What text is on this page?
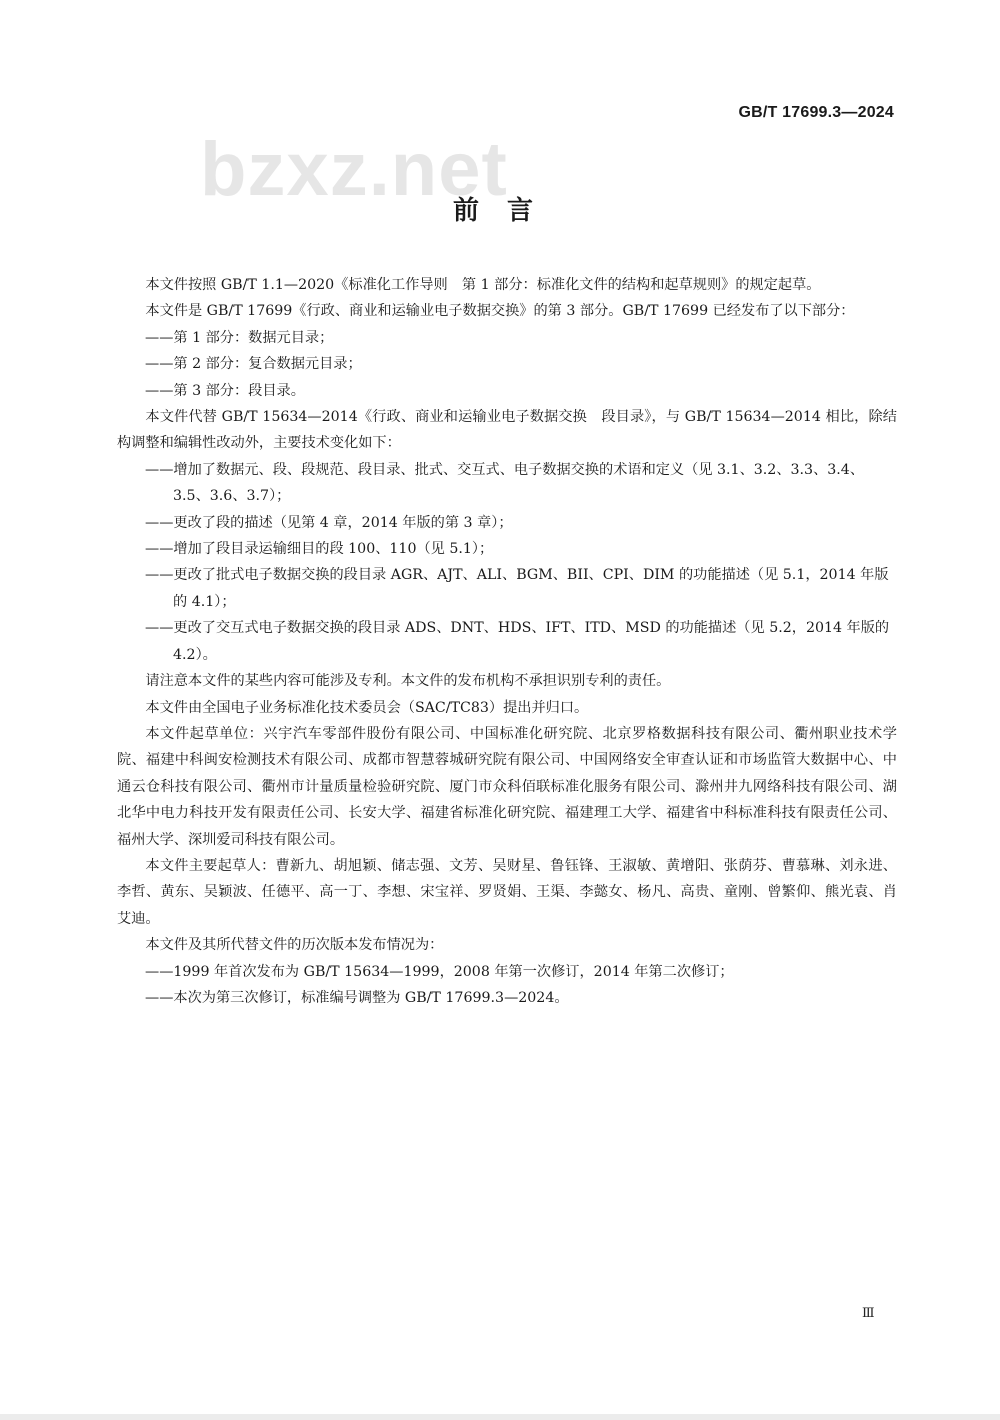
GB/T 17699.3—2024
bzxz.net
前言

本文件按照 GB/T 1.1—2020《标准化工作导则　第 1 部分：标准化文件的结构和起草规则》的规定起草。

本文件是 GB/T 17699《行政、商业和运输业电子数据交换》的第 3 部分。GB/T 17699 已经发布了以下部分：

——第 1 部分：数据元目录；

——第 2 部分：复合数据元目录；

——第 3 部分：段目录。

本文件代替 GB/T 15634—2014《行政、商业和运输业电子数据交换　段目录》，与 GB/T 15634—2014 相比，除结构调整和编辑性改动外，主要技术变化如下：

——增加了数据元、段、段规范、段目录、批式、交互式、电子数据交换的术语和定义（见 3.1、3.2、3.3、3.4、3.5、3.6、3.7）；

——更改了段的描述（见第 4 章，2014 年版的第 3 章）；

——增加了段目录运输细目的段 100、110（见 5.1）；

——更改了批式电子数据交换的段目录 AGR、AJT、ALI、BGM、BII、CPI、DIM 的功能描述（见 5.1，2014 年版的 4.1）；

——更改了交互式电子数据交换的段目录 ADS、DNT、HDS、IFT、ITD、MSD 的功能描述（见 5.2，2014 年版的 4.2）。

请注意本文件的某些内容可能涉及专利。本文件的发布机构不承担识别专利的责任。

本文件由全国电子业务标准化技术委员会（SAC/TC83）提出并归口。

本文件起草单位：兴宇汽车零部件股份有限公司、中国标准化研究院、北京罗格数据科技有限公司、衢州职业技术学院、福建中科闽安检测技术有限公司、成都市智慧蓉城研究院有限公司、中国网络安全审查认证和市场监管大数据中心、中通云仓科技有限公司、衢州市计量质量检验研究院、厦门市众科佰联标准化服务有限公司、滁州井九网络科技有限公司、湖北华中电力科技开发有限责任公司、长安大学、福建省标准化研究院、福建理工大学、福建省中科标准科技有限责任公司、福州大学、深圳爱司科技有限公司。

本文件主要起草人：曹新九、胡旭颖、储志强、文芳、吴财星、鲁钰锋、王淑敏、黄增阳、张荫芬、曹慕琳、刘永进、李哲、黄东、吴颖波、任德平、高一丁、李想、宋宝祥、罗贤娟、王渠、李懿女、杨凡、高贵、童刚、曾繁仰、熊光袁、肖艾迪。

本文件及其所代替文件的历次版本发布情况为：

——1999 年首次发布为 GB/T 15634—1999，2008 年第一次修订，2014 年第二次修订；

——本次为第三次修订，标准编号调整为 GB/T 17699.3—2024。

Ⅲ
